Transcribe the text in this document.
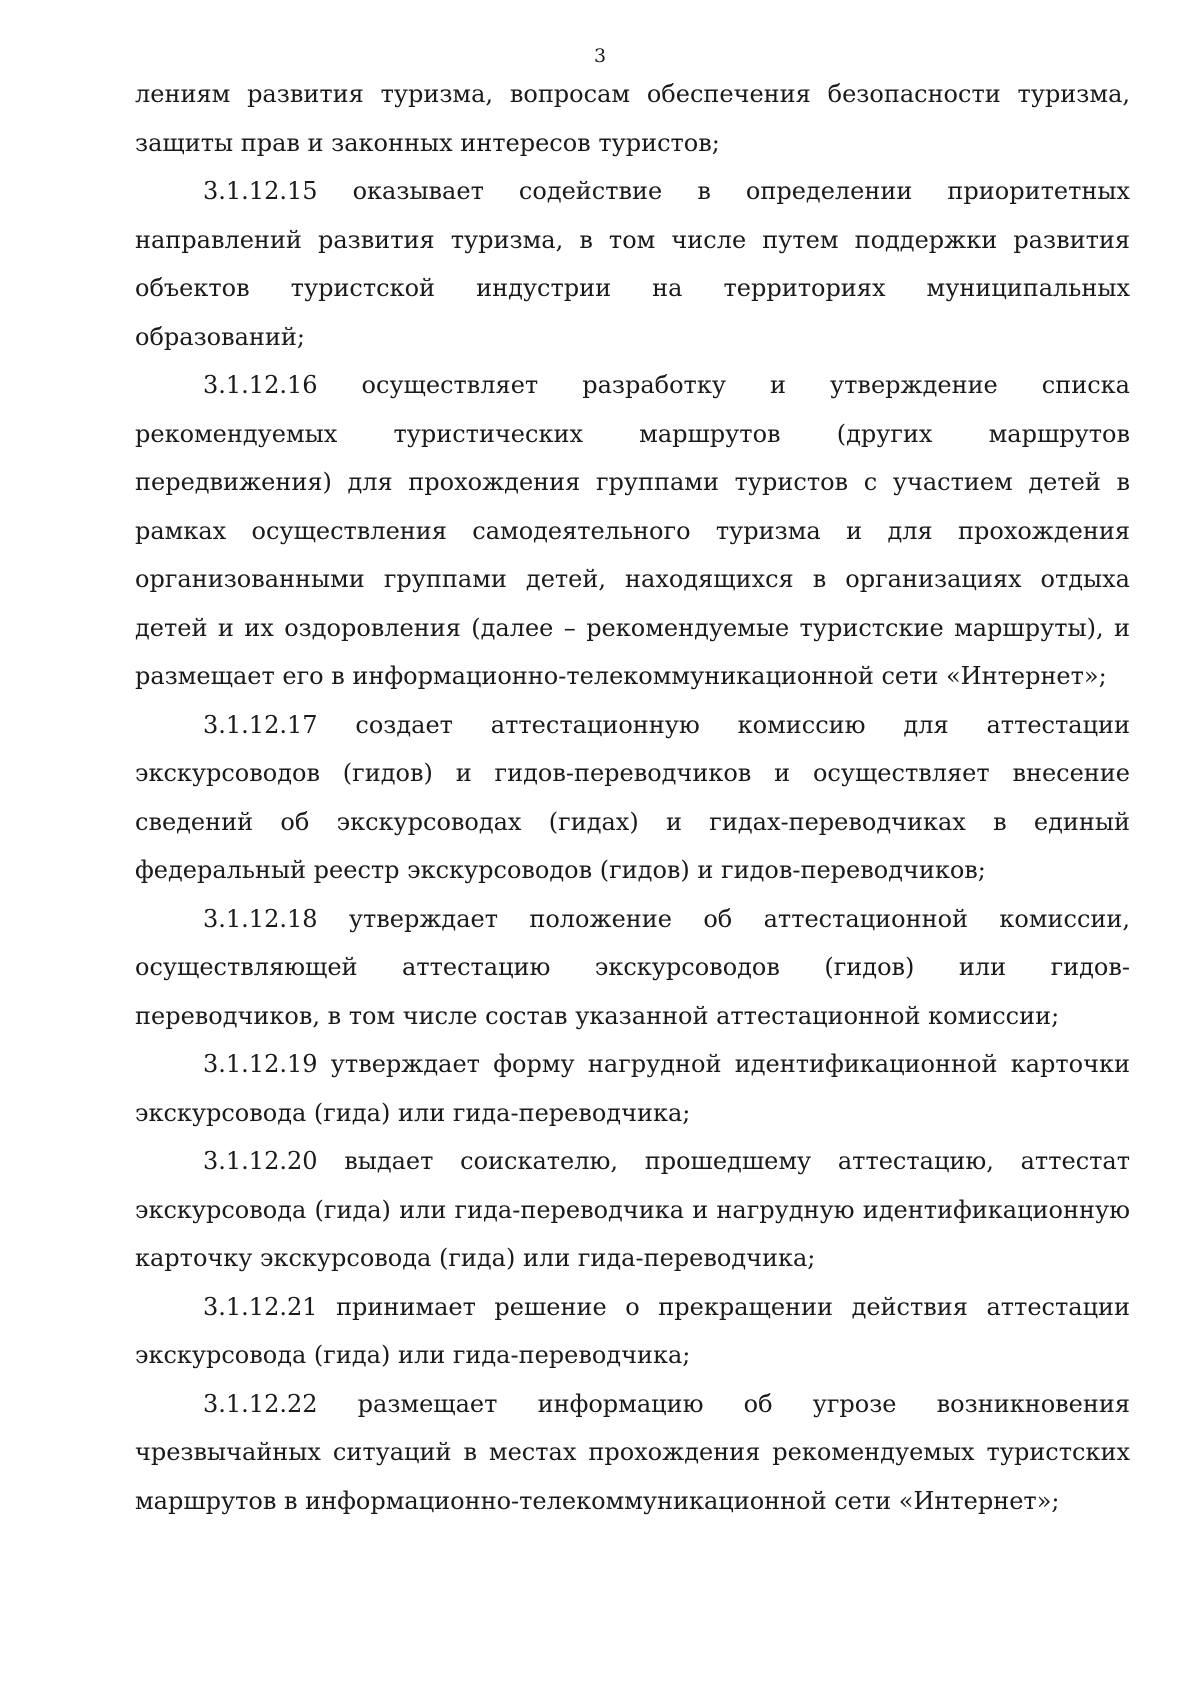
3

лениям развития туризма, вопросам обеспечения безопасности туризма, защиты прав и законных интересов туристов;

3.1.12.15 оказывает содействие в определении приоритетных направлений развития туризма, в том числе путем поддержки развития объектов туристской индустрии на территориях муниципальных образований;

3.1.12.16 осуществляет разработку и утверждение списка рекомендуемых туристических маршрутов (других маршрутов передвижения) для прохождения группами туристов с участием детей в рамках осуществления самодеятельного туризма и для прохождения организованными группами детей, находящихся в организациях отдыха детей и их оздоровления (далее – рекомендуемые туристские маршруты), и размещает его в информационно-телекоммуникационной сети «Интернет»;

3.1.12.17 создает аттестационную комиссию для аттестации экскурсоводов (гидов) и гидов-переводчиков и осуществляет внесение сведений об экскурсоводах (гидах) и гидах-переводчиках в единый федеральный реестр экскурсоводов (гидов) и гидов-переводчиков;

3.1.12.18 утверждает положение об аттестационной комиссии, осуществляющей аттестацию экскурсоводов (гидов) или гидов-переводчиков, в том числе состав указанной аттестационной комиссии;

3.1.12.19 утверждает форму нагрудной идентификационной карточки экскурсовода (гида) или гида-переводчика;

3.1.12.20 выдает соискателю, прошедшему аттестацию, аттестат экскурсовода (гида) или гида-переводчика и нагрудную идентификационную карточку экскурсовода (гида) или гида-переводчика;

3.1.12.21 принимает решение о прекращении действия аттестации экскурсовода (гида) или гида-переводчика;

3.1.12.22 размещает информацию об угрозе возникновения чрезвычайных ситуаций в местах прохождения рекомендуемых туристских маршрутов в информационно-телекоммуникационной сети «Интернет»;
